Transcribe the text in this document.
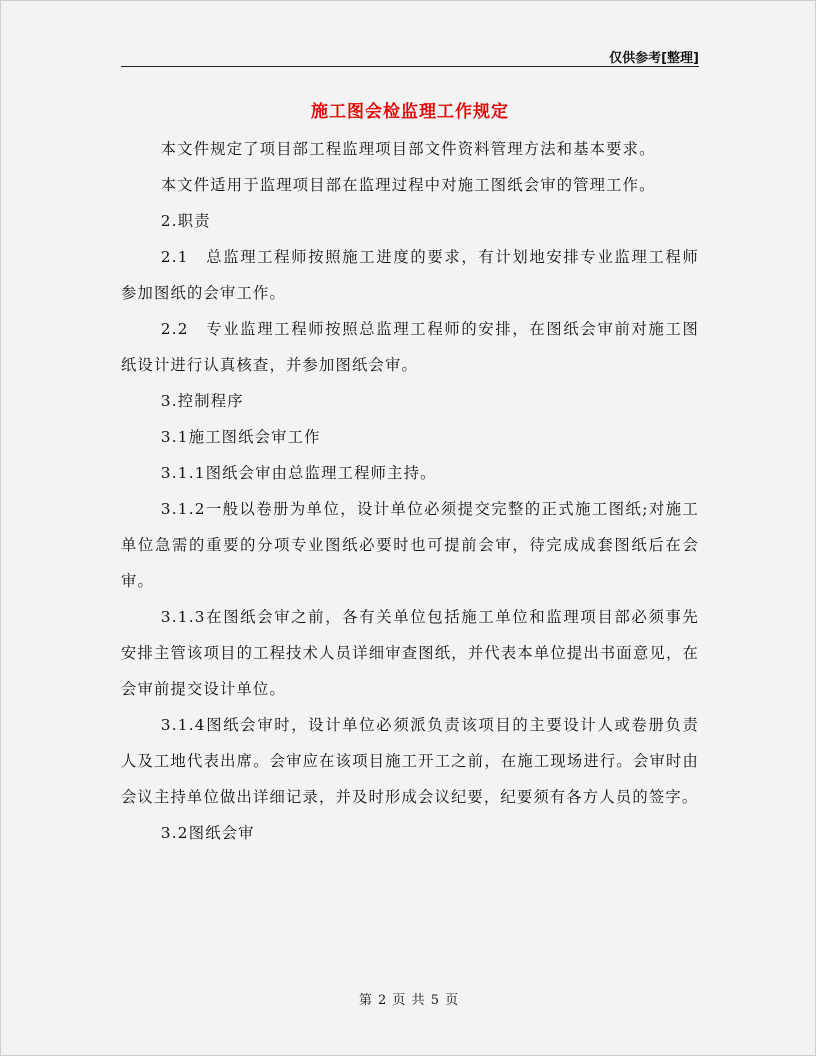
仅供参考[整理]
施工图会检监理工作规定

本文件规定了项目部工程监理项目部文件资料管理方法和基本要求。

本文件适用于监理项目部在监理过程中对施工图纸会审的管理工作。

2.职责

2.1　总监理工程师按照施工进度的要求，有计划地安排专业监理工程师参加图纸的会审工作。

2.2　专业监理工程师按照总监理工程师的安排，在图纸会审前对施工图纸设计进行认真核查，并参加图纸会审。

3.控制程序

3.1施工图纸会审工作

3.1.1图纸会审由总监理工程师主持。

3.1.2一般以卷册为单位，设计单位必须提交完整的正式施工图纸;对施工单位急需的重要的分项专业图纸必要时也可提前会审，待完成成套图纸后在会审。

3.1.3在图纸会审之前，各有关单位包括施工单位和监理项目部必须事先安排主管该项目的工程技术人员详细审查图纸，并代表本单位提出书面意见，在会审前提交设计单位。

3.1.4图纸会审时，设计单位必须派负责该项目的主要设计人或卷册负责人及工地代表出席。会审应在该项目施工开工之前，在施工现场进行。会审时由会议主持单位做出详细记录，并及时形成会议纪要，纪要须有各方人员的签字。

3.2图纸会审

第 2 页 共 5 页
